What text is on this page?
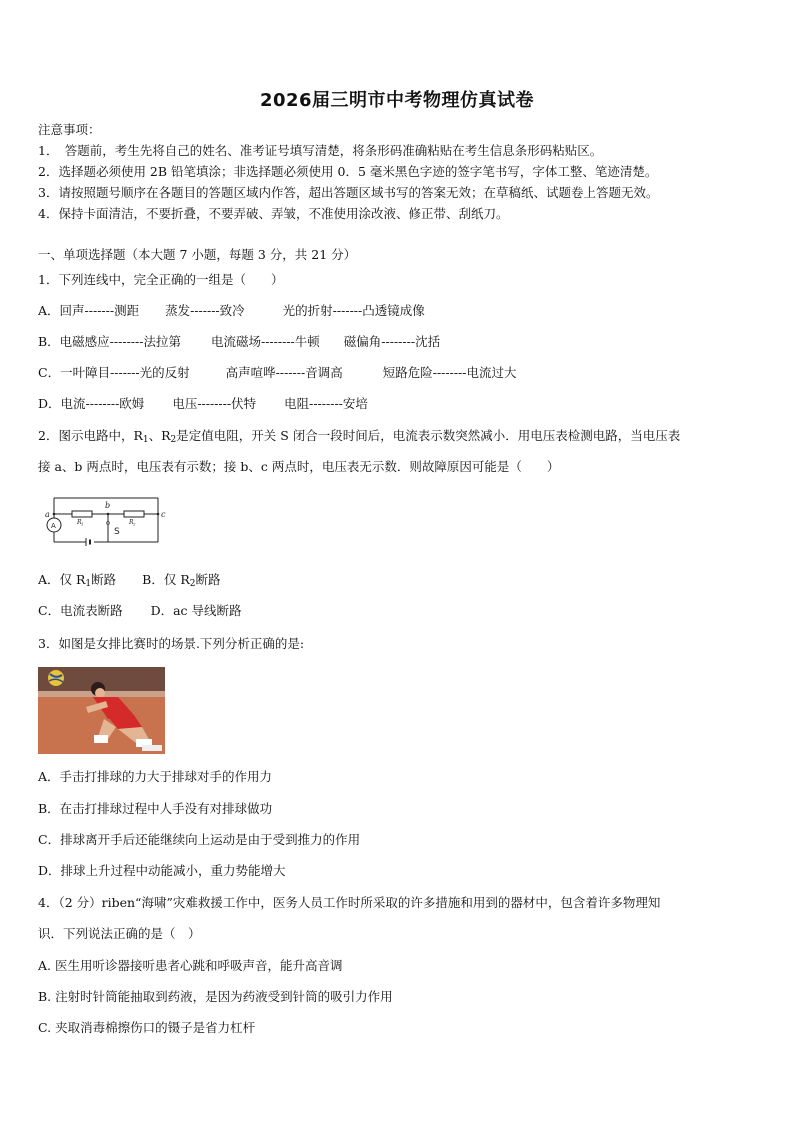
2026届三明市中考物理仿真试卷
注意事项：
1．　答题前，考生先将自己的姓名、准考证号填写清楚，将条形码准确粘贴在考生信息条形码粘贴区。
2．选择题必须使用 2B 铅笔填涂；非选择题必须使用 0．5 毫米黑色字迹的签字笔书写，字体工整、笔迹清楚。
3．请按照题号顺序在各题目的答题区域内作答，超出答题区域书写的答案无效；在草稿纸、试题卷上答题无效。
4．保持卡面清洁，不要折叠，不要弄破、弄皱，不准使用涂改液、修正带、刮纸刀。
一、单项选择题（本大题 7 小题，每题 3 分，共 21 分）
1．下列连线中，完全正确的一组是（　　）
A．回声-------测距 蒸发-------致冷	光的折射-------凸透镜成像
B．电磁感应--------法拉第 电流磁场--------牛顿 磁偏角--------沈括
C．一叶障目-------光的反射	高声喧哗-------音调高	短路危险--------电流过大
D．电流--------欧姆 电压--------伏特 电阻--------安培
2．图示电路中，$R_1$、$R_2$是定值电阻，开关 S 闭合一段时间后，电流表示数突然减小．用电压表检测电路，当电压表
接 a、b 两点时，电压表有示数；接 b、c 两点时，电压表无示数．则故障原因可能是（　　）
a
b
c
R 1	R 2
S
A
A．仅 $R_1$断路 B．仅 $R_2$断路
C．电流表断路 D．ac 导线断路
3．如图是女排比赛时的场景.下列分析正确的是:
A．手击打排球的力大于排球对手的作用力
B．在击打排球过程中人手没有对排球做功
C．排球离开手后还能继续向上运动是由于受到推力的作用
D．排球上升过程中动能减小，重力势能增大
4．（2 分）riben“海啸”灾难救援工作中，医务人员工作时所采取的许多措施和用到的器材中，包含着许多物理知
识．下列说法正确的是（　）
A. 医生用听诊器接听患者心跳和呼吸声音，能升高音调
B. 注射时针筒能抽取到药液，是因为药液受到针筒的吸引力作用
C. 夹取消毒棉擦伤口的镊子是省力杠杆
